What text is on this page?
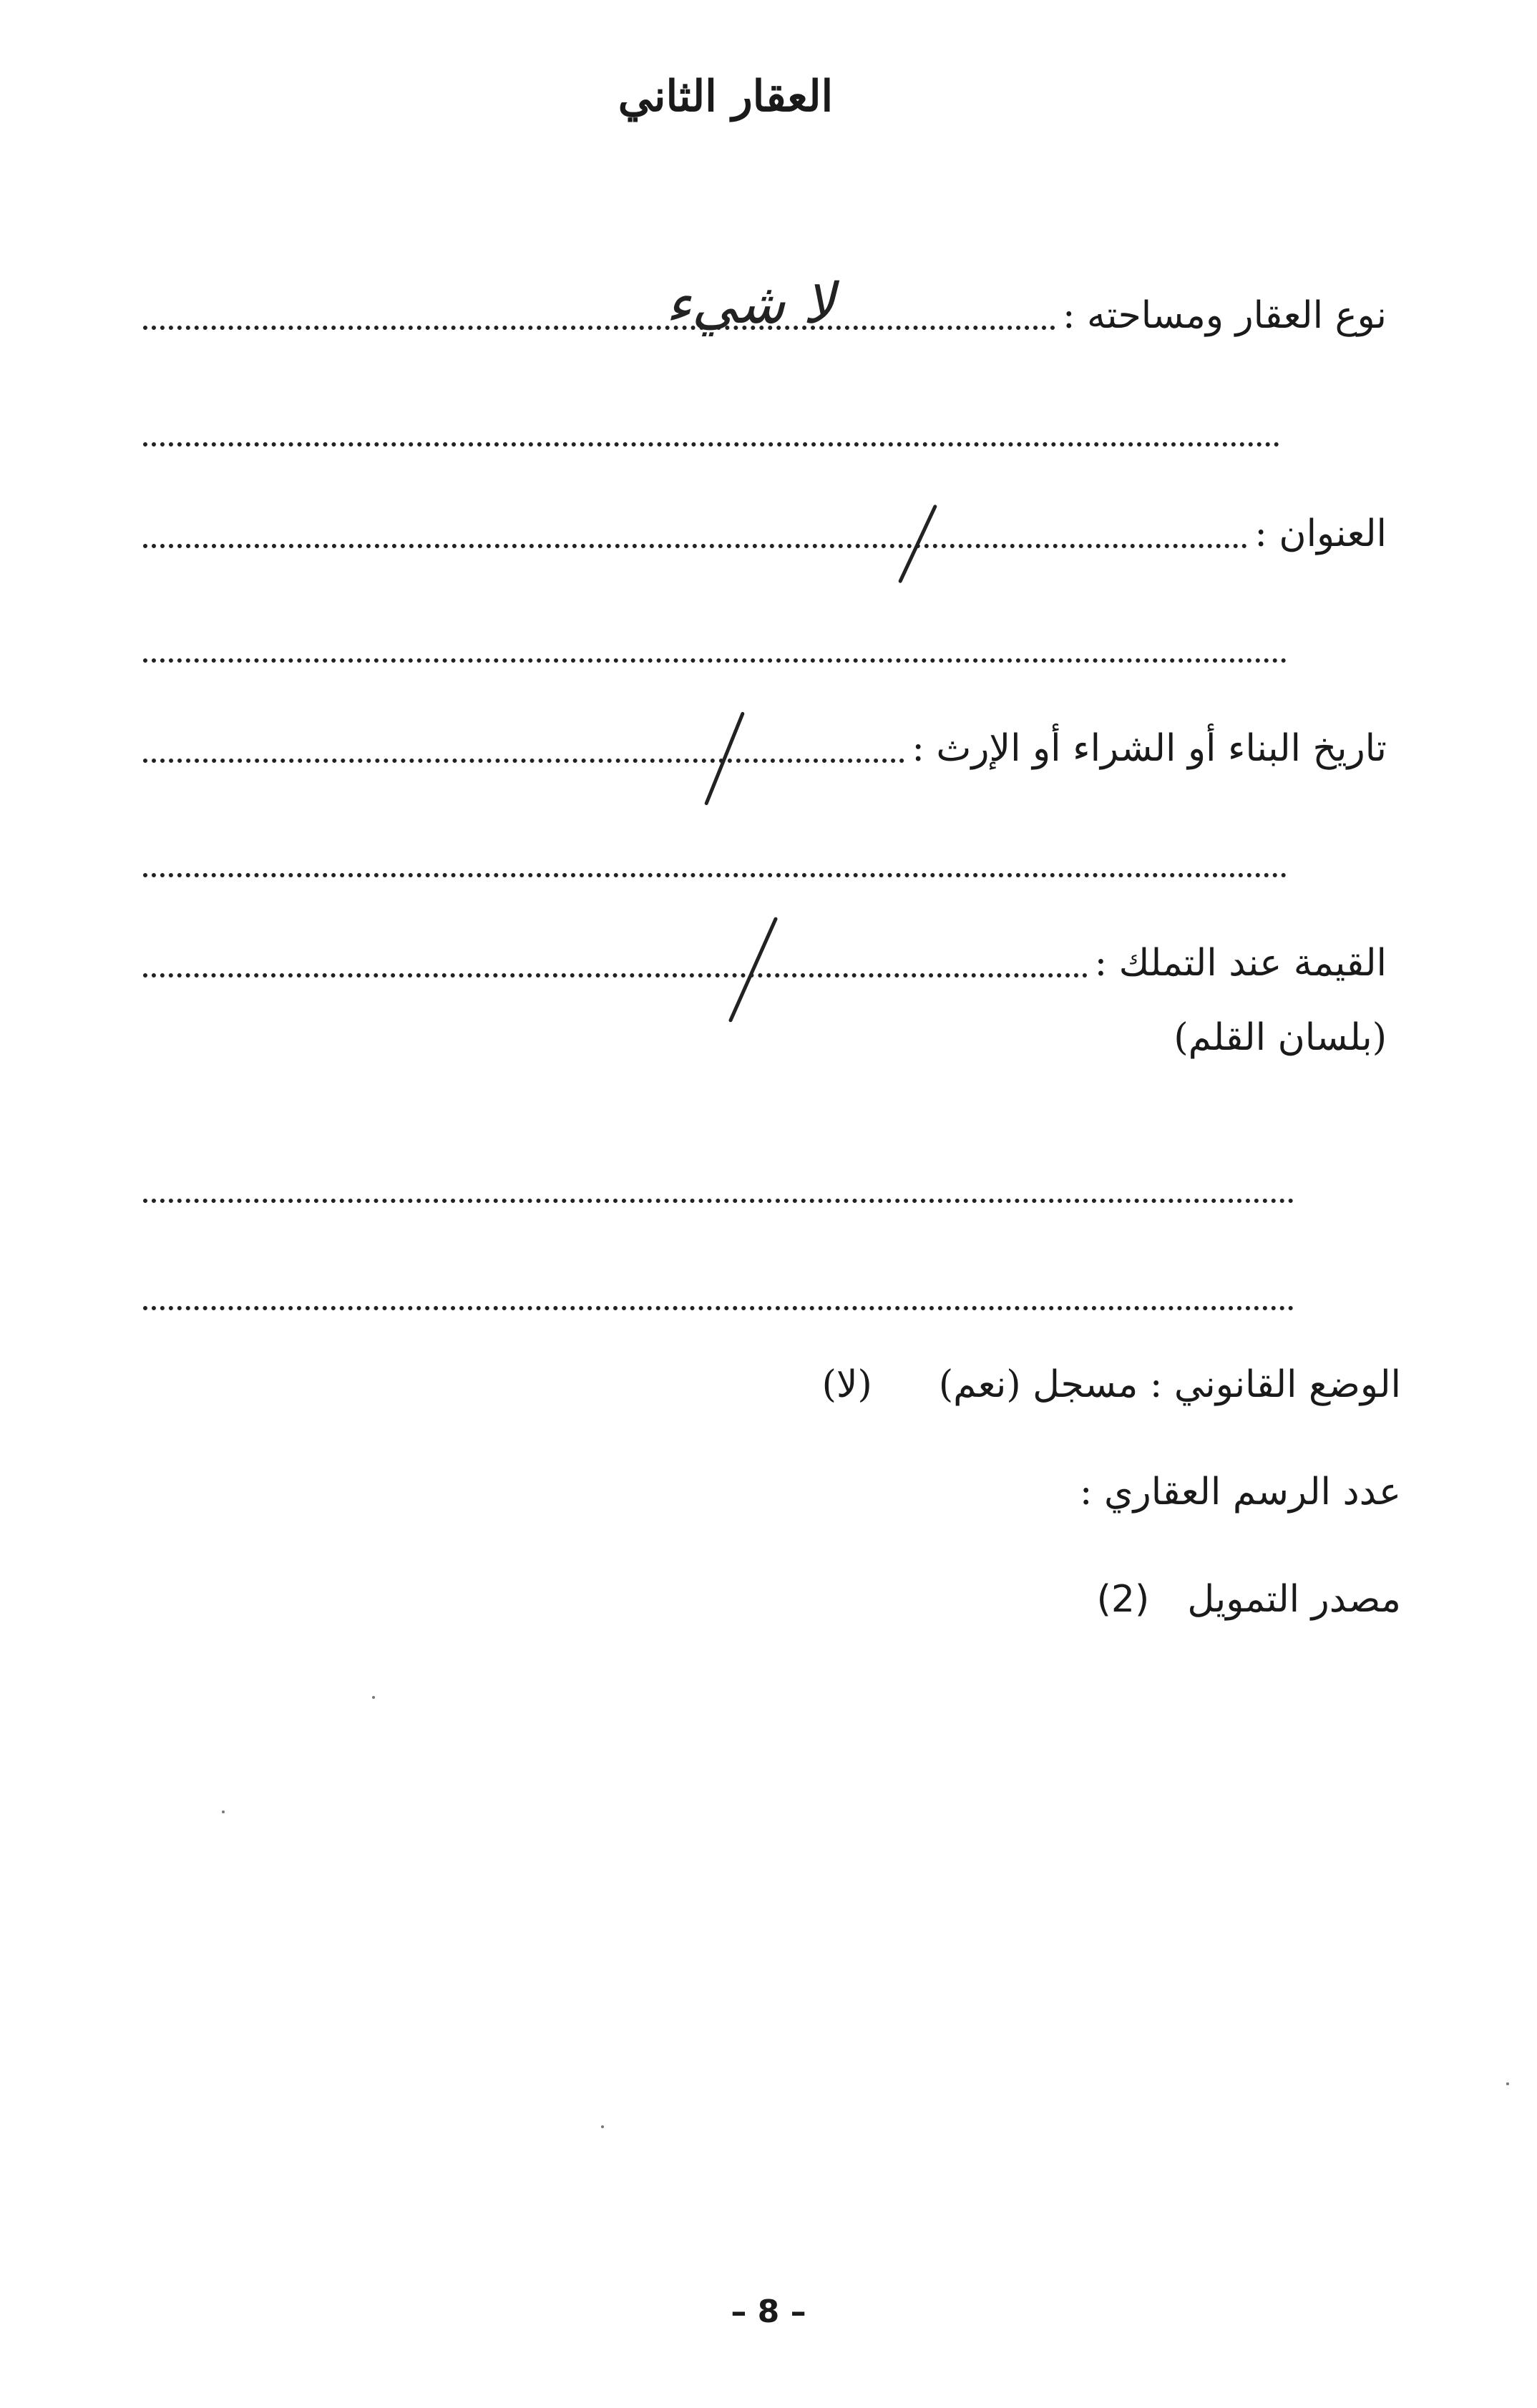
العقار الثاني
نوع العقار ومساحته :
لا شيء
العنوان :
تاريخ البناء أو الشراء أو الإرث :
القيمة عند التملك :
(بلسان القلم)
الوضع القانوني : مسجل (نعم)  (لا)
عدد الرسم العقاري :
مصدر التمويل  (2)
– 8 –
